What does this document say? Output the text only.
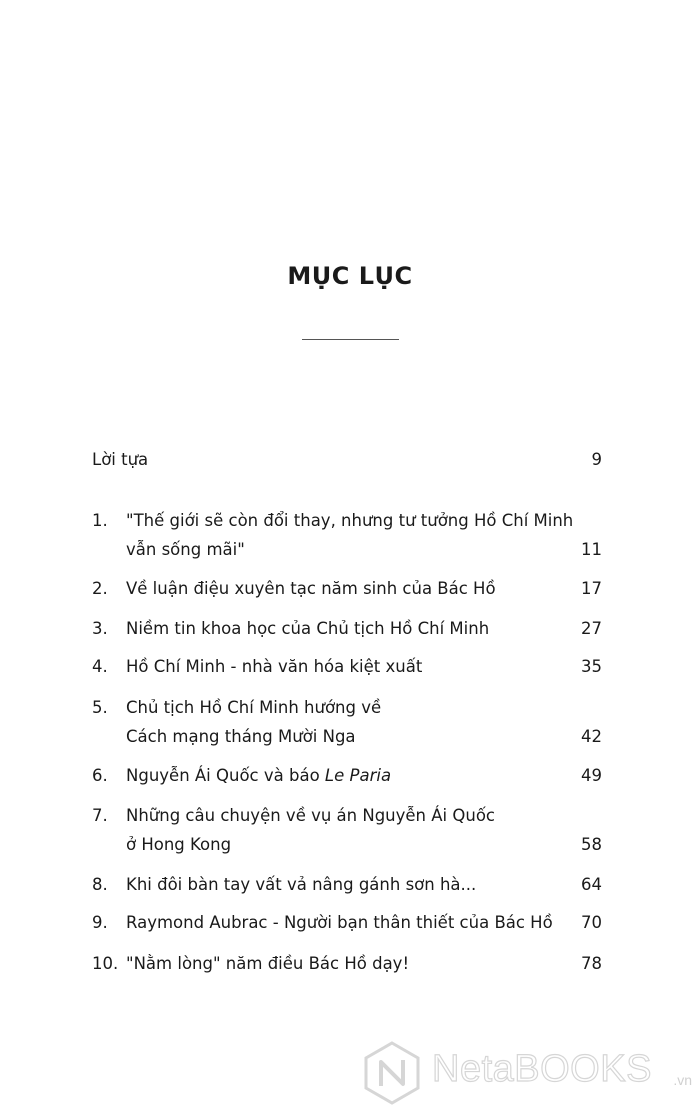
MỤC LỤC
Lời tựa	9
1. "Thế giới sẽ còn đổi thay, nhưng tư tưởng Hồ Chí Minh
vẫn sống mãi"	11
2. Về luận điệu xuyên tạc năm sinh của Bác Hồ	17
3. Niềm tin khoa học của Chủ tịch Hồ Chí Minh	27
4. Hồ Chí Minh - nhà văn hóa kiệt xuất	35
5. Chủ tịch Hồ Chí Minh hướng về
Cách mạng tháng Mười Nga	42
6. Nguyễn Ái Quốc và báo Le Paria	49
7. Những câu chuyện về vụ án Nguyễn Ái Quốc
ở Hong Kong	58
8. Khi đôi bàn tay vất vả nâng gánh sơn hà...	64
9. Raymond Aubrac - Người bạn thân thiết của Bác Hồ 70
10. "Nằm lòng" năm điều Bác Hồ dạy!	78
NetaBOOKS .vn
